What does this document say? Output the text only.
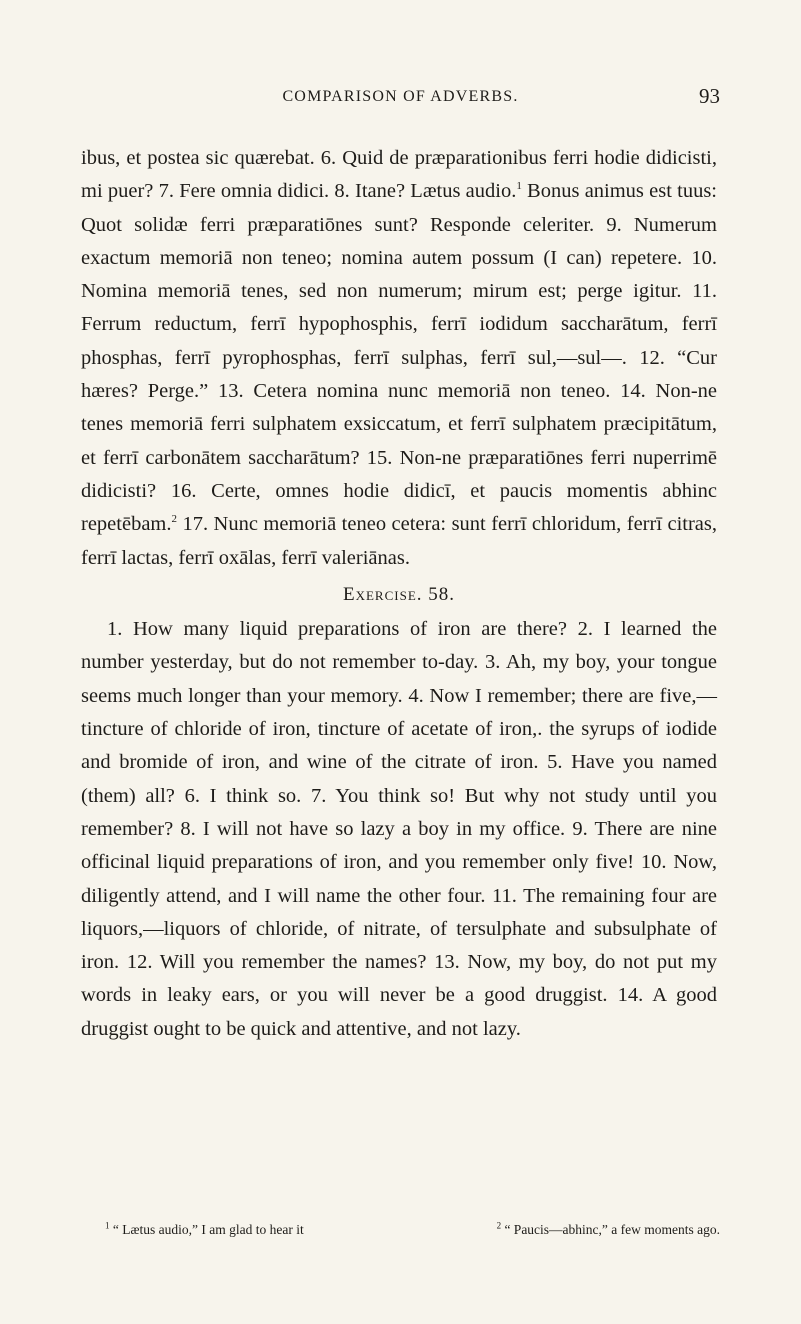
COMPARISON OF ADVERBS.	93

ibus, et postea sic quærebat. 6. Quid de præparationibus ferri hodie didicisti, mi puer? 7. Fere omnia didici. 8. Itane? Lætus audio.$^1$ Bonus animus est tuus: Quot solidæ ferri præparatiōnes sunt? Responde celeriter. 9. Numerum exactum memoriā non teneo; nomina autem possum (I can) repetere. 10. Nomina memoriā tenes, sed non numerum; mirum est; perge igitur. 11. Ferrum reductum, ferrī hypophosphis, ferrī iodidum saccharātum, ferrī phosphas, ferrī pyrophosphas, ferrī sulphas, ferrī sul,—sul—. 12. “Cur hæres? Perge.” 13. Cetera nomina nunc memoriā non teneo. 14. Non-ne tenes memoriā ferri sulphatem exsiccatum, et ferrī sulphatem præcipitātum, et ferrī carbonātem saccharātum? 15. Non-ne præparatiōnes ferri nuperrimē didicisti? 16. Certe, omnes hodie didicī, et paucis momentis abhinc repetēbam.$^2$ 17. Nunc memoriā teneo cetera: sunt ferrī chloridum, ferrī citras, ferrī lactas, ferrī oxālas, ferrī valeriānas.

Exercise. 58.

1. How many liquid preparations of iron are there? 2. I learned the number yesterday, but do not remember to-day. 3. Ah, my boy, your tongue seems much longer than your memory. 4. Now I remember; there are five,—tincture of chloride of iron, tincture of acetate of iron,. the syrups of iodide and bromide of iron, and wine of the citrate of iron. 5. Have you named (them) all? 6. I think so. 7. You think so! But why not study until you remember? 8. I will not have so lazy a boy in my office. 9. There are nine officinal liquid preparations of iron, and you remember only five! 10. Now, diligently attend, and I will name the other four. 11. The remaining four are liquors,—liquors of chloride, of nitrate, of tersulphate and subsulphate of iron. 12. Will you remember the names? 13. Now, my boy, do not put my words in leaky ears, or you will never be a good druggist. 14. A good druggist ought to be quick and attentive, and not lazy.

$^1$ “ Lætus audio,” I am glad to hear it	$^2$ “ Paucis—abhinc,” a few moments ago.
